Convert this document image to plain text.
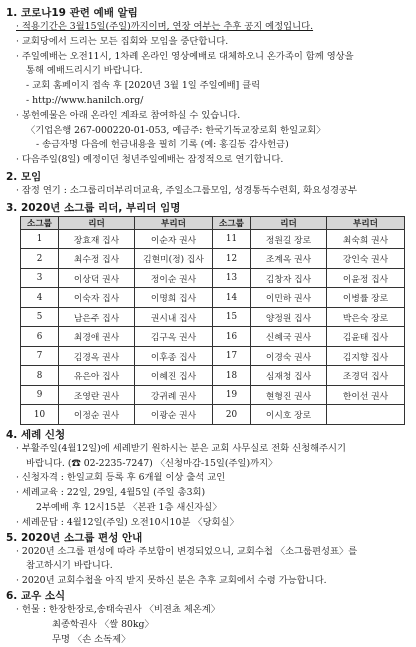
1. 코로나19 관련 예배 알림
· 적용기간은 3월15일(주일)까지이며, 연장 여부는 추후 공지 예정입니다.
· 교회당에서 드리는 모든 집회와 모임을 중단합니다.
· 주일예배는 오전11시, 1차례 온라인 영상예배로 대체하오니 온가족이 함께 영상을
통해 예배드리시기 바랍니다.
- 교회 홈페이지 접속 후 [2020년 3월 1일 주일예배] 클릭
- http://www.hanilch.org/
· 봉헌예물은 아래 온라인 계좌로 참여하실 수 있습니다.
〈기업은행 267-000220-01-053, 예금주: 한국기독교장로회 한일교회〉
- 송금자명 다음에 헌금내용을 필히 기록 (예: 홍길동 감사헌금)
· 다음주일(8일) 예정이던 청년주일예배는 잠정적으로 연기합니다.
2. 모임
· 잠정 연기 : 소그룹리더부리더교육, 주일소그룹모임, 성경통독수련회, 화요성경공부
3. 2020년 소그룹 리더, 부리더 임명
소그룹	리더	부리더	소그룹	리더	부리더
1	장효재 집사	이순자 권사	11	정원길 장로	최숙희 권사
2	최수정 집사	김현미(정) 집사	12	조계옥 권사	강인숙 권사
3	이상덕 권사	정이순 권사	13	김창자 집사	이윤정 집사
4	이숙자 집사	이명희 집사	14	이민하 권사	이병률 장로
5	남은주 집사	권시내 집사	15	양정원 집사	박은숙 장로
6	최경애 권사	김구옥 권사	16	신혜국 권사	김윤태 집사
7	김경옥 권사	이후종 집사	17	이경숙 권사	김지향 집사
8	유은아 집사	이혜진 집사	18	심재청 집사	조경덕 집사
9	조영란 권사	강귀례 권사	19	현형진 권사	한이선 권사
10	이정순 권사	이광순 권사	20	이시호 장로	
4. 세례 신청
· 부활주일(4월12일)에 세례받기 원하시는 분은 교회 사무실로 전화 신청해주시기
바랍니다. (☎ 02-2235-7247) 〈신청마감-15일(주일)까지〉
· 신청자격 : 한일교회 등록 후 6개월 이상 출석 교인
· 세례교육 : 22일, 29일, 4월5일 (주일 총3회)
2부예배 후 12시15분 〈본관 1층 새신자실〉
· 세례문답 : 4월12일(주일) 오전10시10분 〈당회실〉
5. 2020년 소그룹 편성 안내
· 2020년 소그룹 편성에 따라 주보함이 변경되었으니, 교회수첩 〈소그룹편성표〉를
참고하시기 바랍니다.
· 2020년 교회수첩을 아직 받지 못하신 분은 추후 교회에서 수령 가능합니다.
6. 교우 소식
· 헌물 : 한장한장로,송태숙권사 〈비젼쵸 체온계〉
최종학권사 〈쌀 80kg〉
무명 〈손 소독제〉
